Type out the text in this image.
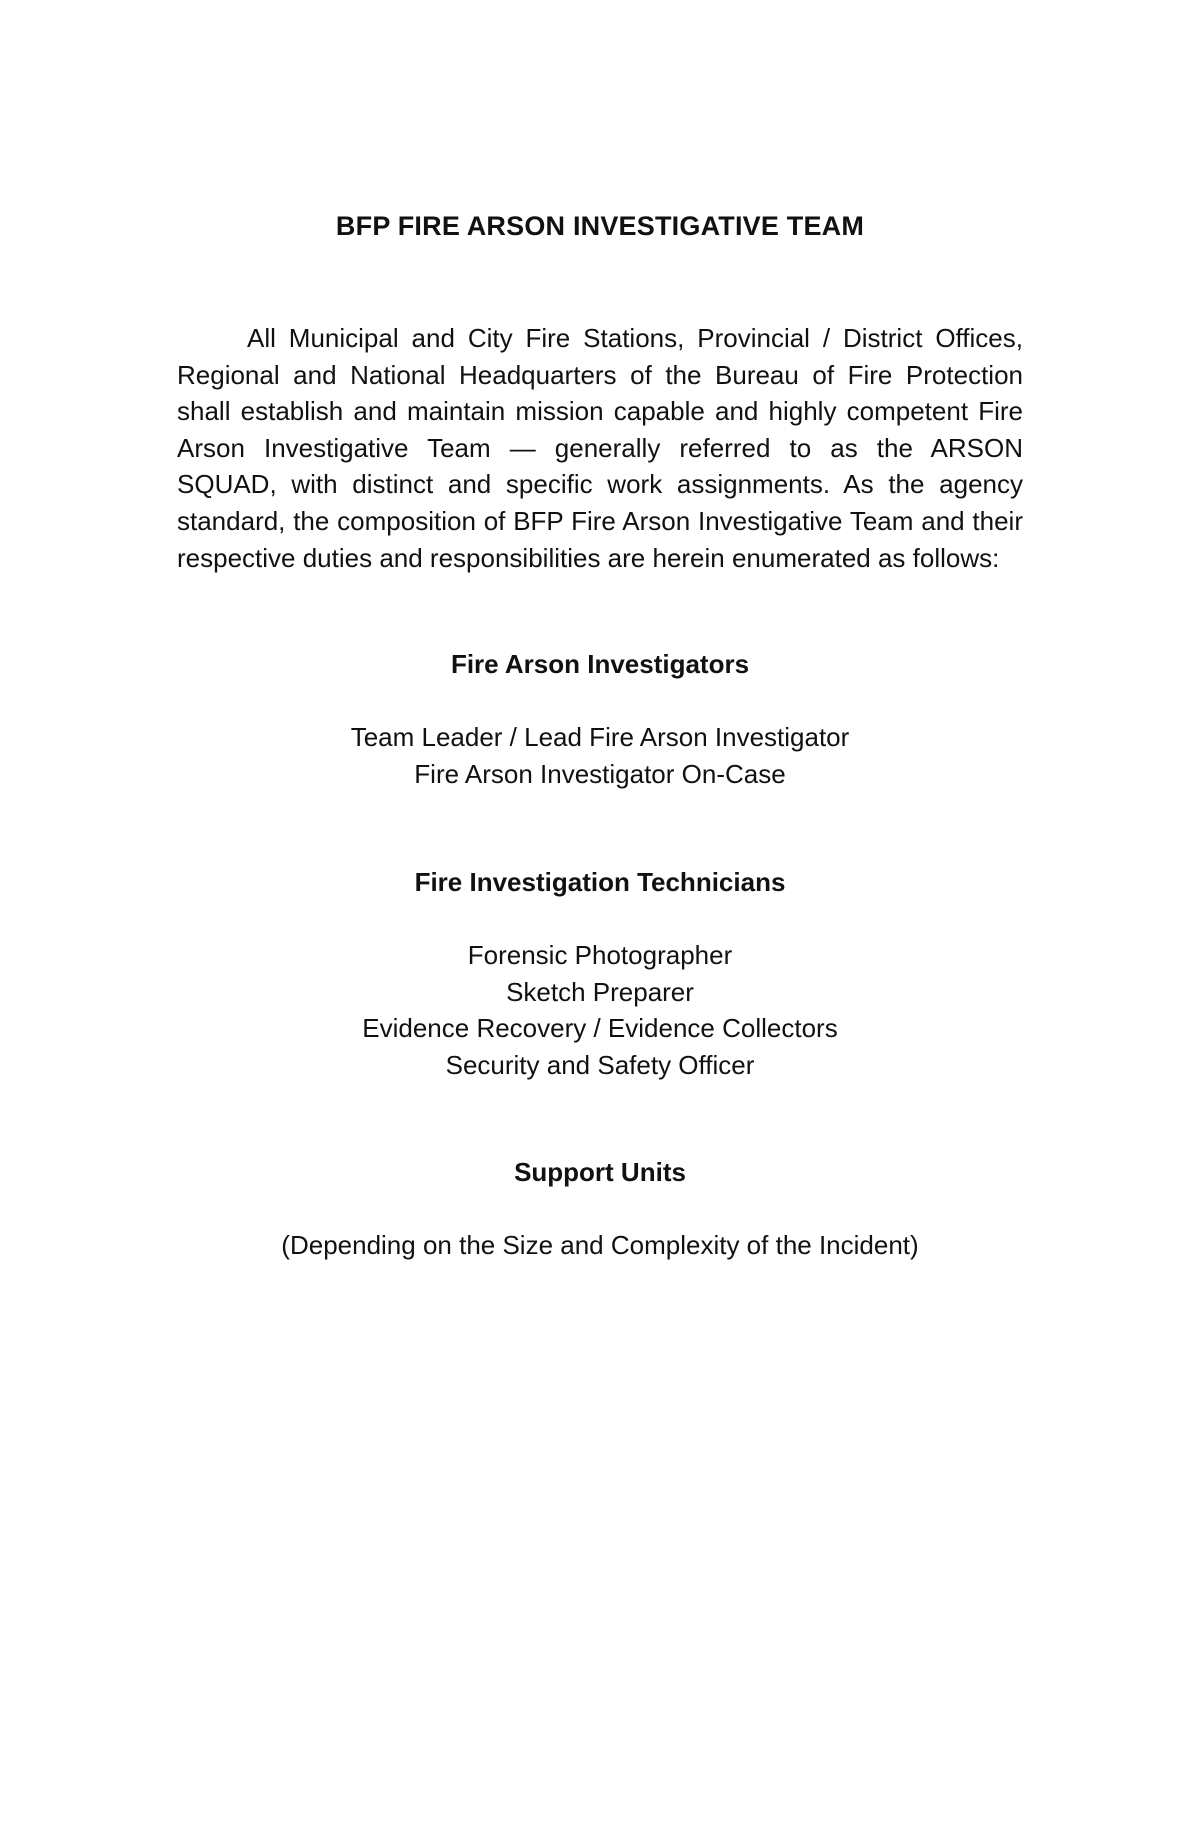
BFP FIRE ARSON INVESTIGATIVE TEAM

All Municipal and City Fire Stations, Provincial / District Offices, Regional and National Headquarters of the Bureau of Fire Protection shall establish and maintain mission capable and highly competent Fire Arson Investigative Team — generally referred to as the ARSON SQUAD, with distinct and specific work assignments. As the agency standard, the composition of BFP Fire Arson Investigative Team and their respective duties and responsibilities are herein enumerated as follows:

Fire Arson Investigators
Team Leader / Lead Fire Arson Investigator
Fire Arson Investigator On-Case
Fire Investigation Technicians
Forensic Photographer
Sketch Preparer
Evidence Recovery / Evidence Collectors
Security and Safety Officer
Support Units
(Depending on the Size and Complexity of the Incident)
